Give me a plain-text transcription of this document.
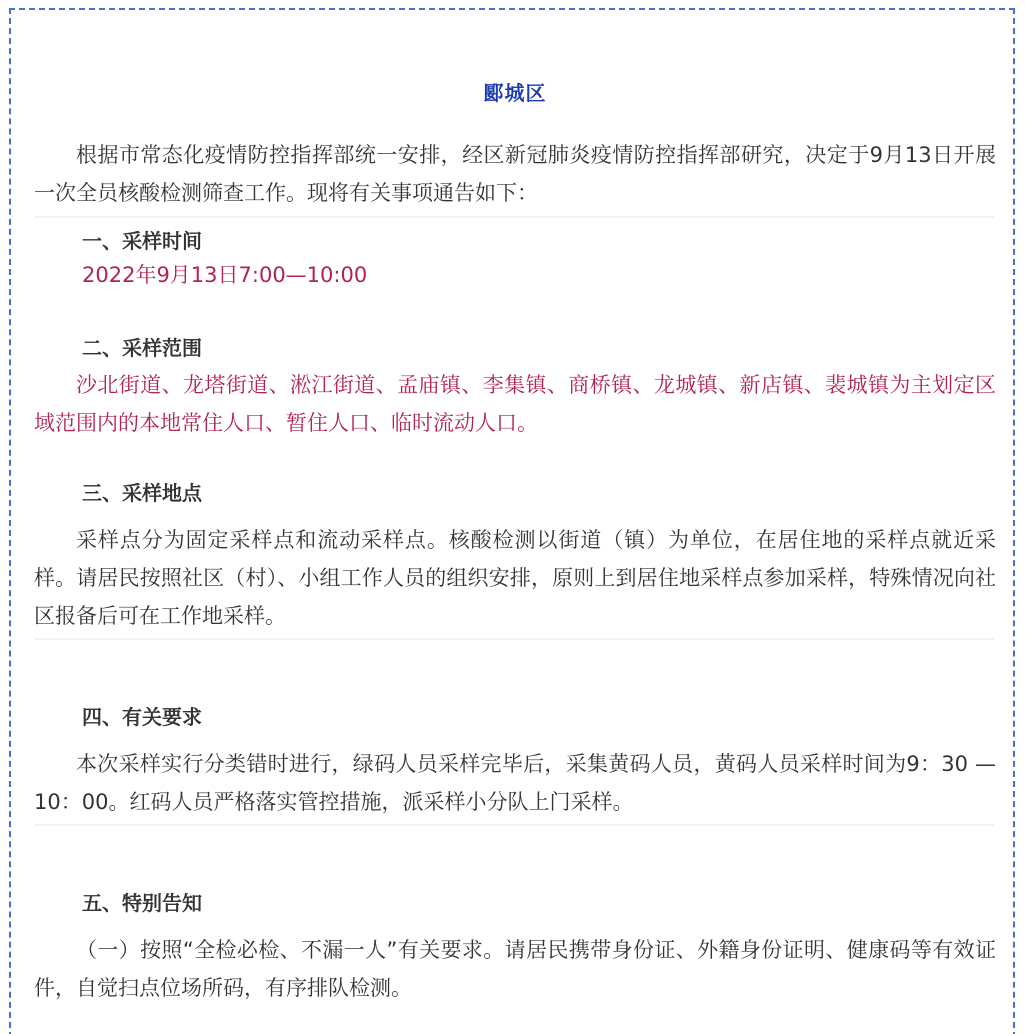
郾城区

根据市常态化疫情防控指挥部统一安排，经区新冠肺炎疫情防控指挥部研究，决定于9月13日开展一次全员核酸检测筛查工作。现将有关事项通告如下：

一、采样时间

2022年9月13日7:00—10:00

二、采样范围

沙北街道、龙塔街道、淞江街道、孟庙镇、李集镇、商桥镇、龙城镇、新店镇、裴城镇为主划定区域范围内的本地常住人口、暂住人口、临时流动人口。

三、采样地点

采样点分为固定采样点和流动采样点。核酸检测以街道（镇）为单位，在居住地的采样点就近采样。请居民按照社区（村）、小组工作人员的组织安排，原则上到居住地采样点参加采样，特殊情况向社区报备后可在工作地采样。

四、有关要求

本次采样实行分类错时进行，绿码人员采样完毕后，采集黄码人员，黄码人员采样时间为9：30 — 10：00。红码人员严格落实管控措施，派采样小分队上门采样。

五、特别告知

（一）按照“全检必检、不漏一人”有关要求。请居民携带身份证、外籍身份证明、健康码等有效证件，自觉扫点位场所码，有序排队检测。
